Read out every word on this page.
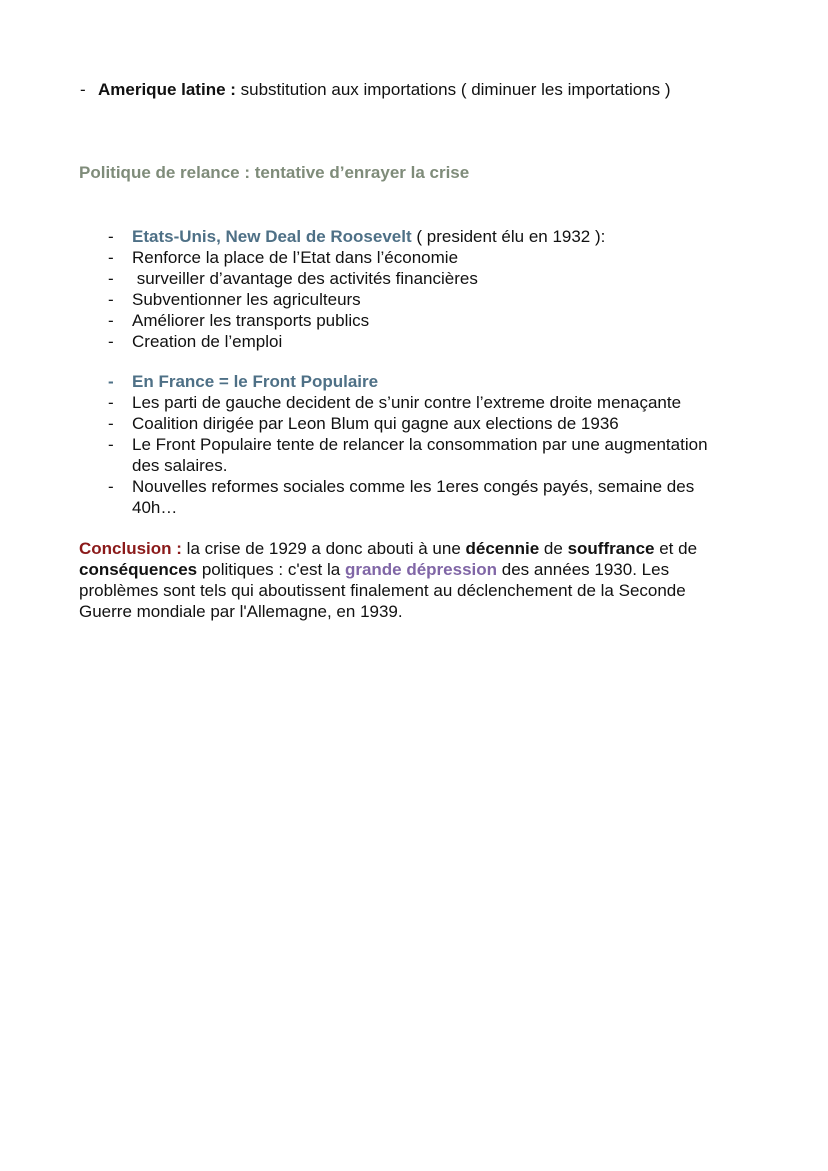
- Amerique latine : substitution aux importations ( diminuer les importations )
Politique de relance : tentative d’enrayer la crise
- Etats-Unis, New Deal de Roosevelt ( president élu en 1932 ):
- Renforce la place de l’Etat dans l’économie
- surveiller d’avantage des activités financières
- Subventionner les agriculteurs
- Améliorer les transports publics
- Creation de l’emploi
- En France = le Front Populaire
- Les parti de gauche decident de s’unir contre l’extreme droite menaçante
- Coalition dirigée par Leon Blum qui gagne aux elections de 1936
- Le Front Populaire tente de relancer la consommation par une augmentation
des salaires.
- Nouvelles reformes sociales comme les 1eres congés payés, semaine des
40h…
Conclusion : la crise de 1929 a donc abouti à une décennie de souffrance et de
conséquences politiques : c'est la grande dépression des années 1930. Les
problèmes sont tels qui aboutissent finalement au déclenchement de la Seconde
Guerre mondiale par l'Allemagne, en 1939.
